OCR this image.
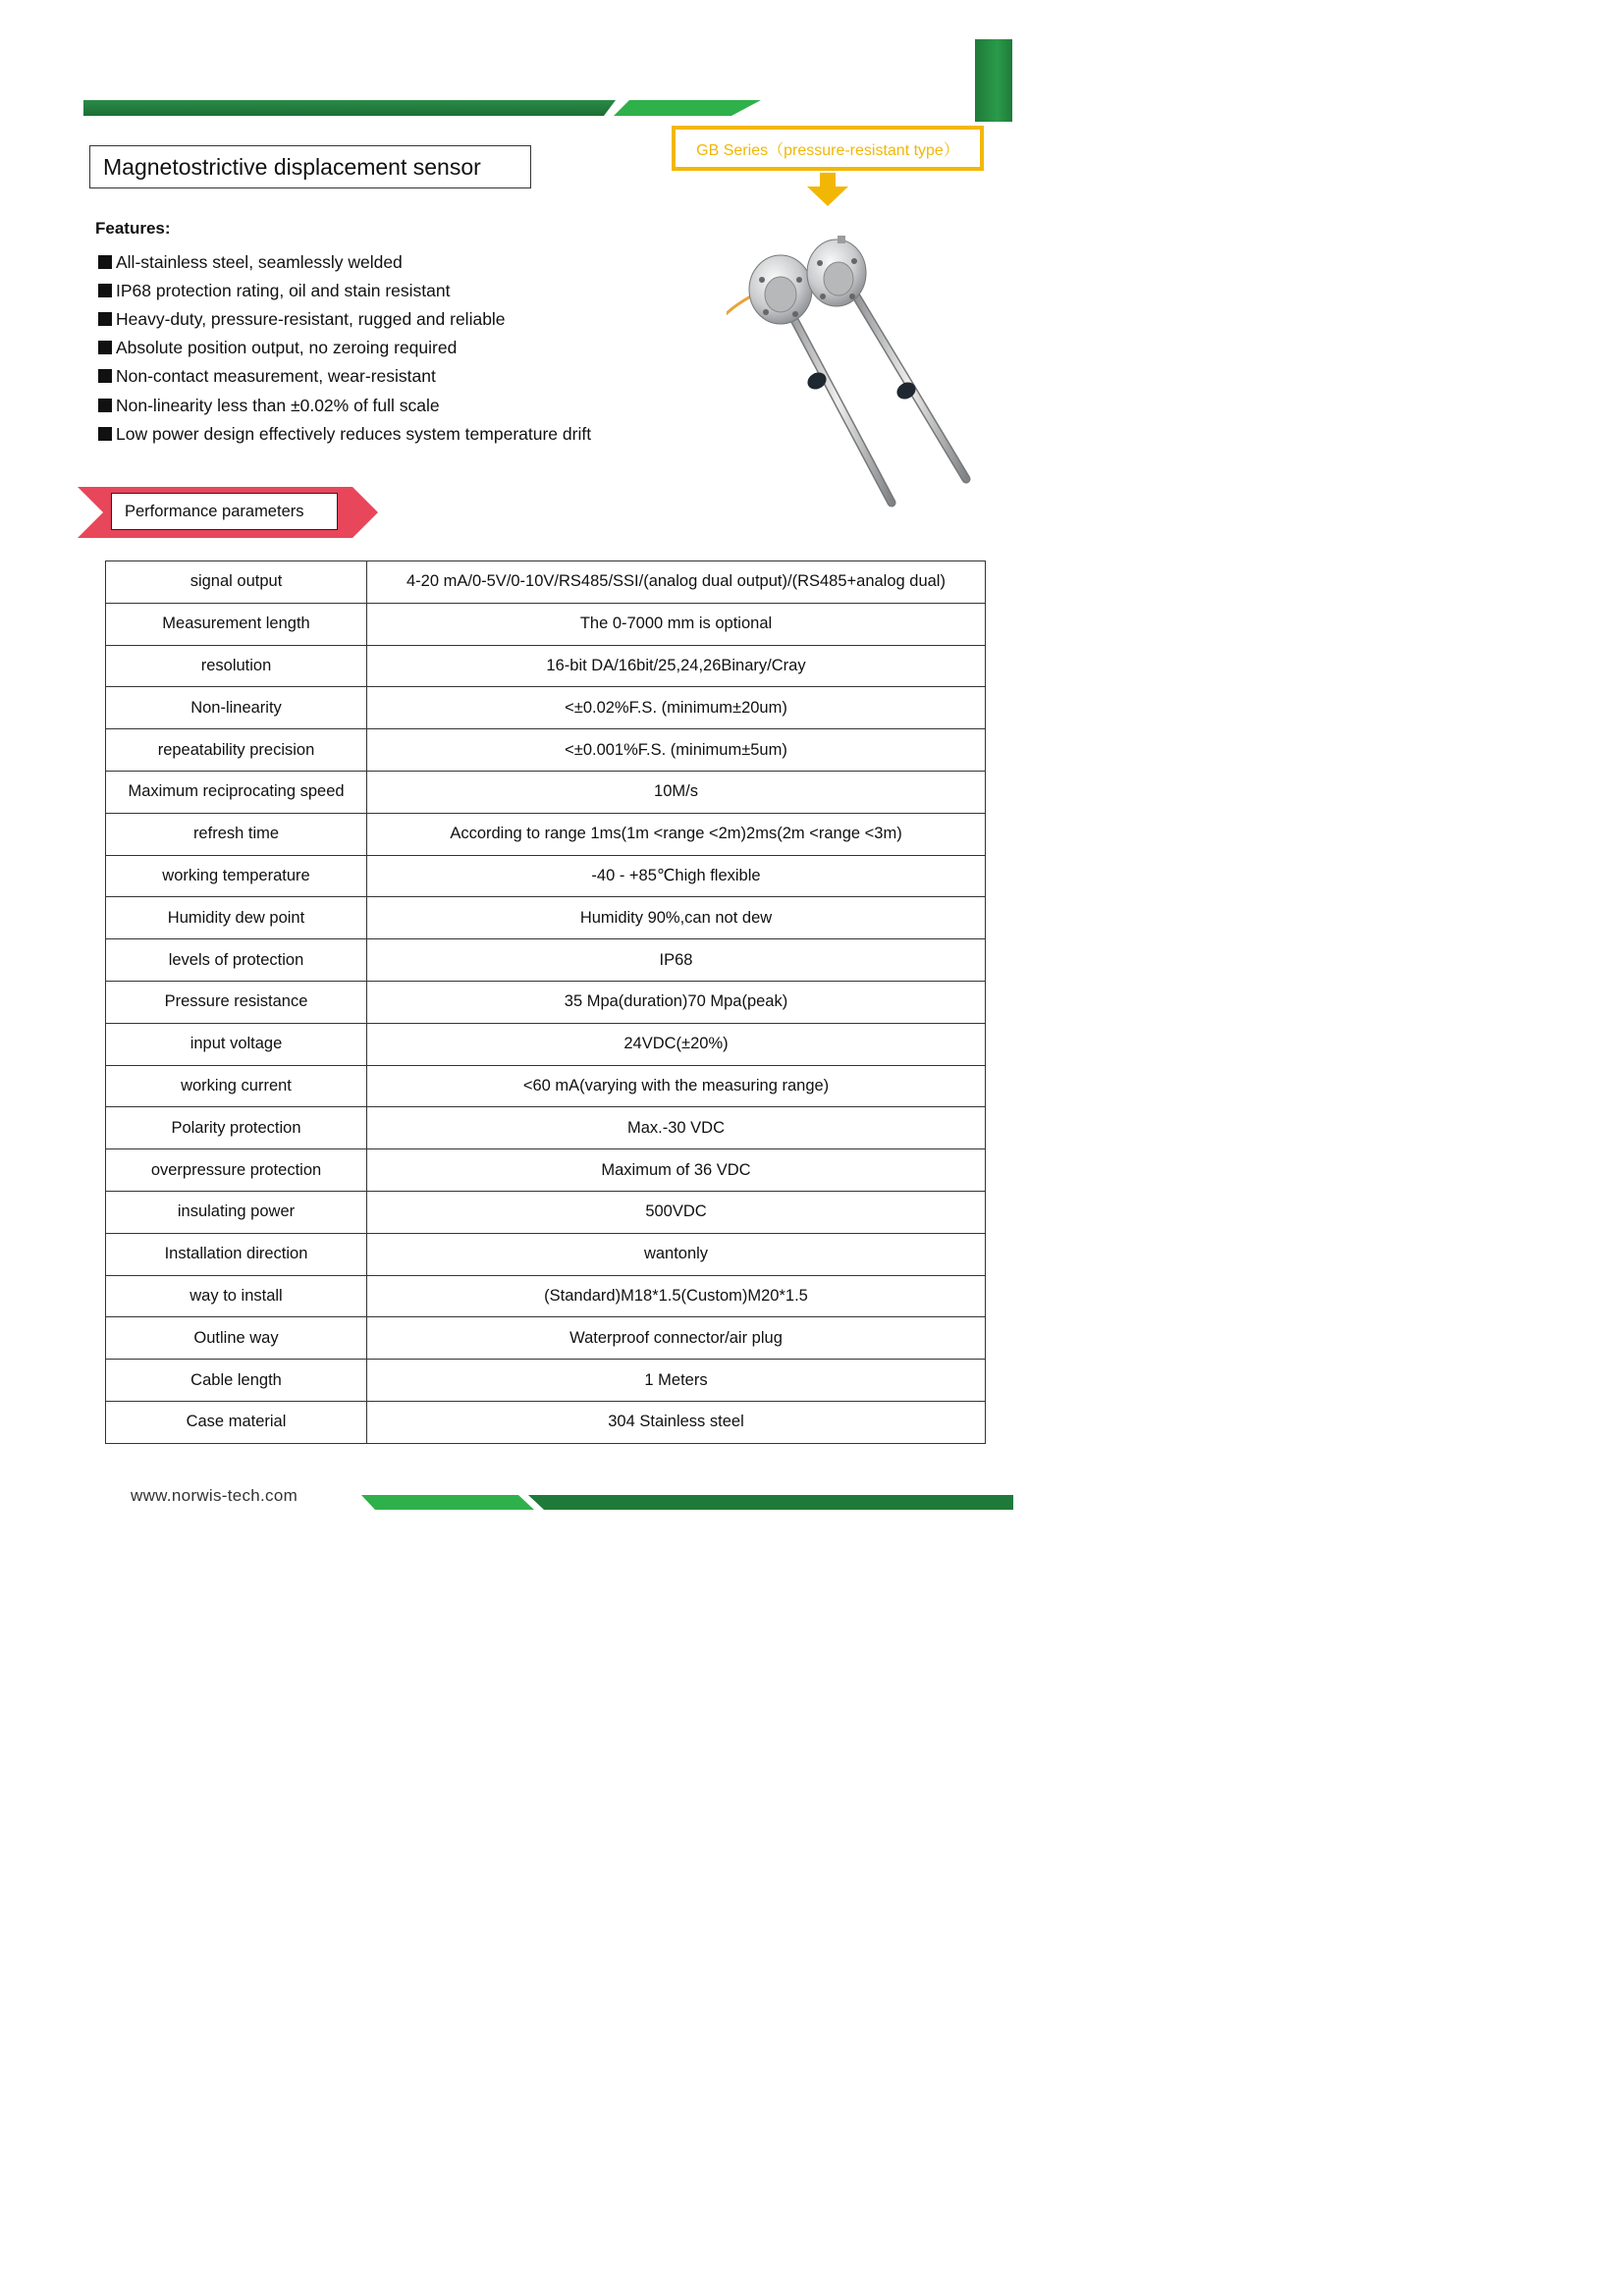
Magnetostrictive displacement sensor
GB Series（pressure-resistant type）
Features:
All-stainless steel, seamlessly welded
IP68 protection rating, oil and stain resistant
Heavy-duty, pressure-resistant, rugged and reliable
Absolute position output, no zeroing required
Non-contact measurement, wear-resistant
Non-linearity less than ±0.02% of full scale
Low power design effectively reduces system temperature drift
Performance parameters
signal output	4-20 mA/0-5V/0-10V/RS485/SSI/(analog dual output)/(RS485+analog dual)
Measurement length	The 0-7000 mm is optional
resolution	16-bit DA/16bit/25,24,26Binary/Cray
Non-linearity	<±0.02%F.S. (minimum±20um)
repeatability precision	<±0.001%F.S. (minimum±5um)
Maximum reciprocating speed	10M/s
refresh time	According to range 1ms(1m <range <2m)2ms(2m <range <3m)
working temperature	-40 - +85℃high flexible
Humidity dew point	Humidity 90%,can not dew
levels of protection	IP68
Pressure resistance	35 Mpa(duration)70 Mpa(peak)
input voltage	24VDC(±20%)
working current	<60 mA(varying with the measuring range)
Polarity protection	Max.-30 VDC
overpressure protection	Maximum of 36 VDC
insulating power	500VDC
Installation direction	wantonly
way to install	(Standard)M18*1.5(Custom)M20*1.5
Outline way	Waterproof connector/air plug
Cable length	1 Meters
Case material	304 Stainless steel
www.norwis-tech.com
